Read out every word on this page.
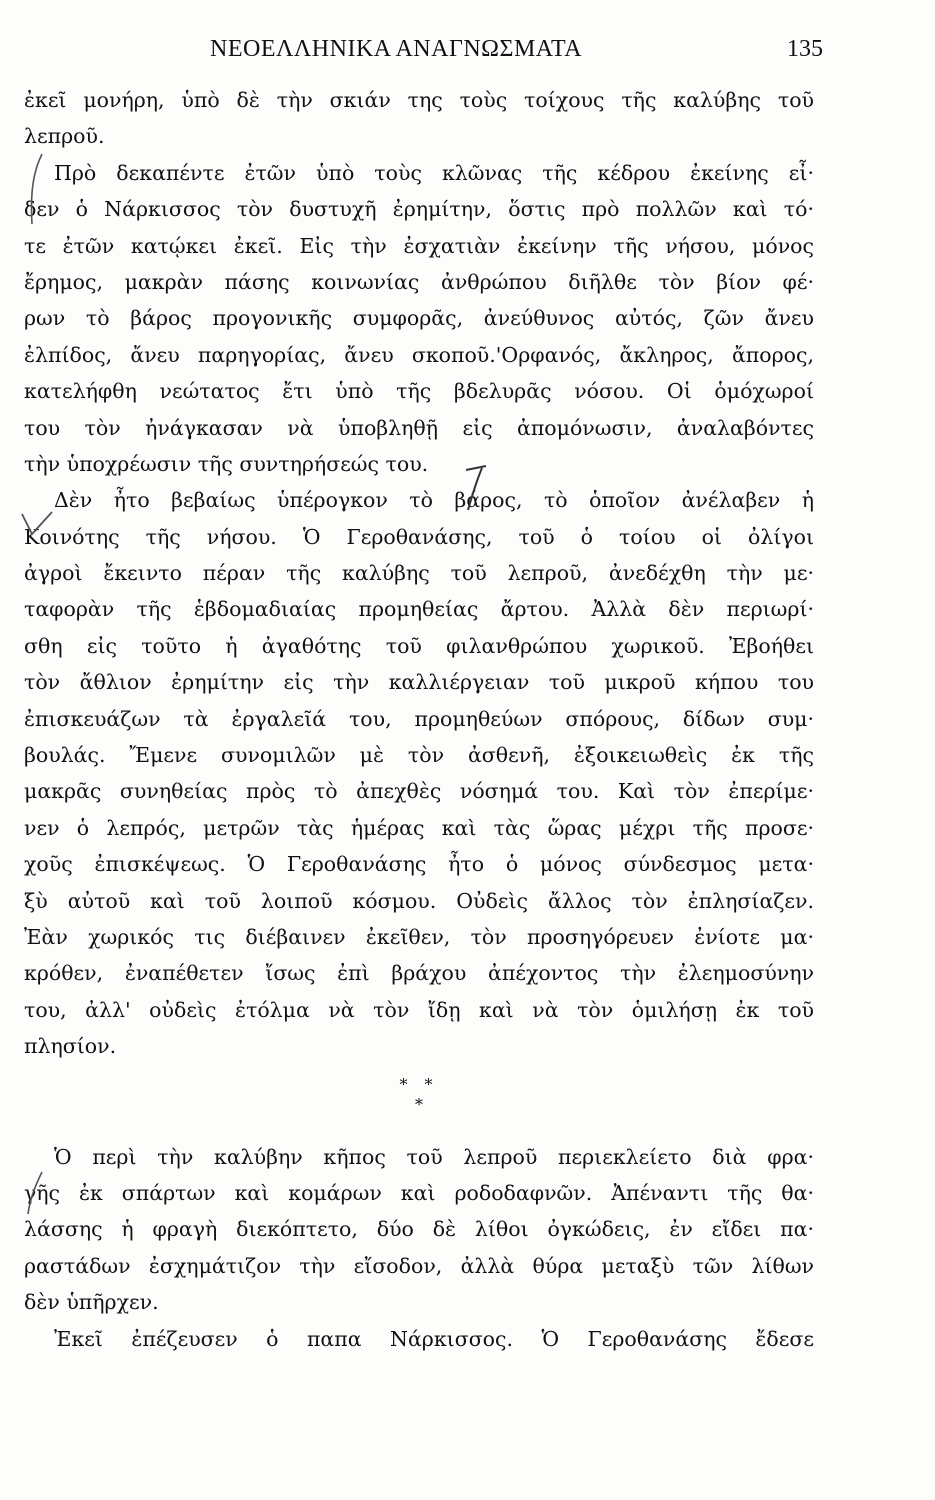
ΝΕΟΕΛΛΗΝΙΚΑ ΑΝΑΓΝΩΣΜΑΤΑ	135
ἐκεῖ μονήρη, ὑπὸ δὲ τὴν σκιάν της τοὺς τοίχους τῆς καλύβης τοῦ
λεπροῦ.
Πρὸ δεκαπέντε ἐτῶν ὑπὸ τοὺς κλῶνας τῆς κέδρου ἐκείνης εἶ·
δεν ὁ Νάρκισσος τὸν δυστυχῆ ἐρημίτην, ὅστις πρὸ πολλῶν καὶ τό·
τε ἐτῶν κατῴκει ἐκεῖ. Εἰς τὴν ἐσχατιὰν ἐκείνην τῆς νήσου, μόνος
ἔρημος, μακρὰν πάσης κοινωνίας ἀνθρώπου διῆλθε τὸν βίον φέ·
ρων τὸ βάρος προγονικῆς συμφορᾶς, ἀνεύθυνος αὐτός, ζῶν ἄνευ
ἐλπίδος, ἄνευ παρηγορίας, ἄνευ σκοποῦ.'Ορφανός, ἄκληρος, ἄπορος,
κατελήφθη νεώτατος ἔτι ὑπὸ τῆς βδελυρᾶς νόσου. Οἱ ὁμόχωροί
του τὸν ἠνάγκασαν νὰ ὑποβληθῇ εἰς ἀπομόνωσιν, ἀναλαβόντες
τὴν ὑποχρέωσιν τῆς συντηρήσεώς του.
Δὲν ἦτο βεβαίως ὑπέρογκον τὸ βάρος, τὸ ὁποῖον ἀνέλαβεν ἡ
Κοινότης τῆς νήσου. Ὁ Γεροθανάσης, τοῦ ὁ τοίου οἱ ὀλίγοι
ἀγροὶ ἔκειντο πέραν τῆς καλύβης τοῦ λεπροῦ, ἀνεδέχθη τὴν με·
ταφορὰν τῆς ἑβδομαδιαίας προμηθείας ἄρτου. Ἀλλὰ δὲν περιωρί·
σθη εἰς τοῦτο ἡ ἀγαθότης τοῦ φιλανθρώπου χωρικοῦ. Ἐβοήθει
τὸν ἄθλιον ἐρημίτην εἰς τὴν καλλιέργειαν τοῦ μικροῦ κήπου του
ἐπισκευάζων τὰ ἐργαλεῖά του, προμηθεύων σπόρους, δίδων συμ·
βουλάς. Ἔμενε συνομιλῶν μὲ τὸν ἀσθενῆ, ἐξοικειωθεὶς ἐκ τῆς
μακρᾶς συνηθείας πρὸς τὸ ἀπεχθὲς νόσημά του. Καὶ τὸν ἐπερίμε·
νεν ὁ λεπρός, μετρῶν τὰς ἡμέρας καὶ τὰς ὥρας μέχρι τῆς προσε·
χοῦς ἐπισκέψεως. Ὁ Γεροθανάσης ἦτο ὁ μόνος σύνδεσμος μετα·
ξὺ αὐτοῦ καὶ τοῦ λοιποῦ κόσμου. Οὐδεὶς ἄλλος τὸν ἐπλησίαζεν.
Ἐὰν χωρικός τις διέβαινεν ἐκεῖθεν, τὸν προσηγόρευεν ἐνίοτε μα·
κρόθεν, ἐναπέθετεν ἴσως ἐπὶ βράχου ἀπέχοντος τὴν ἐλεημοσύνην
του, ἀλλ' οὐδεὶς ἐτόλμα νὰ τὸν ἴδῃ καὶ νὰ τὸν ὁμιλήσῃ ἐκ τοῦ
πλησίον.
* *
*
Ὁ περὶ τὴν καλύβην κῆπος τοῦ λεπροῦ περιεκλείετο διὰ φρα·
γῆς ἐκ σπάρτων καὶ κομάρων καὶ ροδοδαφνῶν. Ἀπέναντι τῆς θα·
λάσσης ἡ φραγὴ διεκόπτετο, δύο δὲ λίθοι ὀγκώδεις, ἐν εἴδει πα·
ραστάδων ἐσχημάτιζον τὴν εἴσοδον, ἀλλὰ θύρα μεταξὺ τῶν λίθων
δὲν ὑπῆρχεν.
Ἐκεῖ ἐπέζευσεν ὁ παπα Νάρκισσος. Ὁ Γεροθανάσης ἔδεσε
